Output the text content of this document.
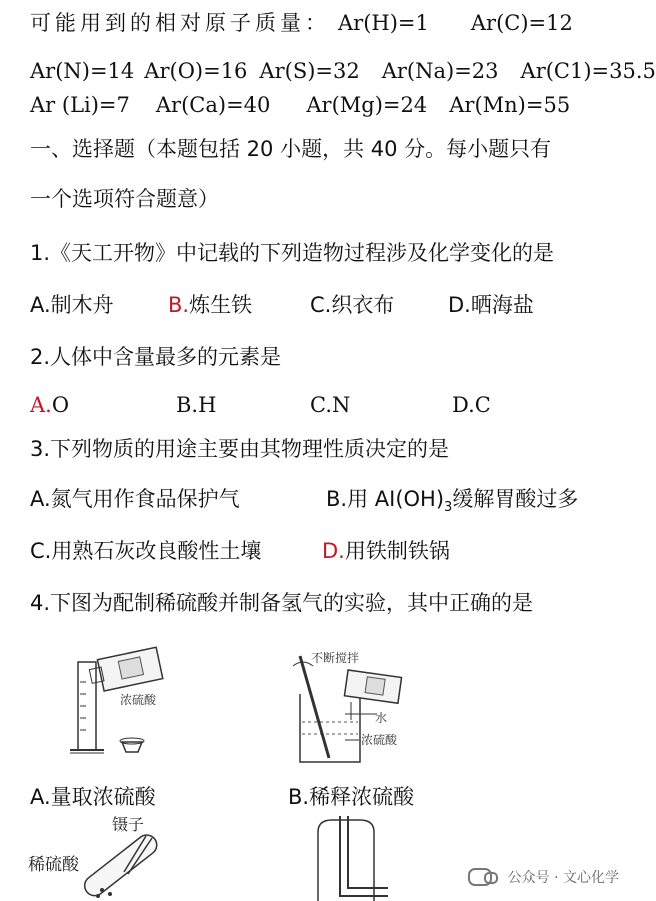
可能用到的相对原子质量： Ar(H)=1 Ar(C)=12
Ar(N)=14 Ar(O)=16 Ar(S)=32 Ar(Na)=23 Ar(C1)=35.5
Ar (Li)=7 Ar(Ca)=40 Ar(Mg)=24 Ar(Mn)=55
一、选择题（本题包括 20 小题，共 40 分。每小题只有
一个选项符合题意）
1.《天工开物》中记载的下列造物过程涉及化学变化的是
A.制木舟	B.炼生铁	C.织衣布	D.晒海盐
2.人体中含量最多的元素是
A.O	B.H	C.N	D.C
3.下列物质的用途主要由其物理性质决定的是
A.氮气用作食品保护气	B.用 $AI(OH)_3$缓解胃酸过多
C.用熟石灰改良酸性土壤	D.用铁制铁锅
4.下图为配制稀硫酸并制备氢气的实验，其中正确的是
浓硫酸
不断搅拌
水
浓硫酸
A.量取浓硫酸	B.稀释浓硫酸
镊子
稀硫酸
公众号 · 文心化学
